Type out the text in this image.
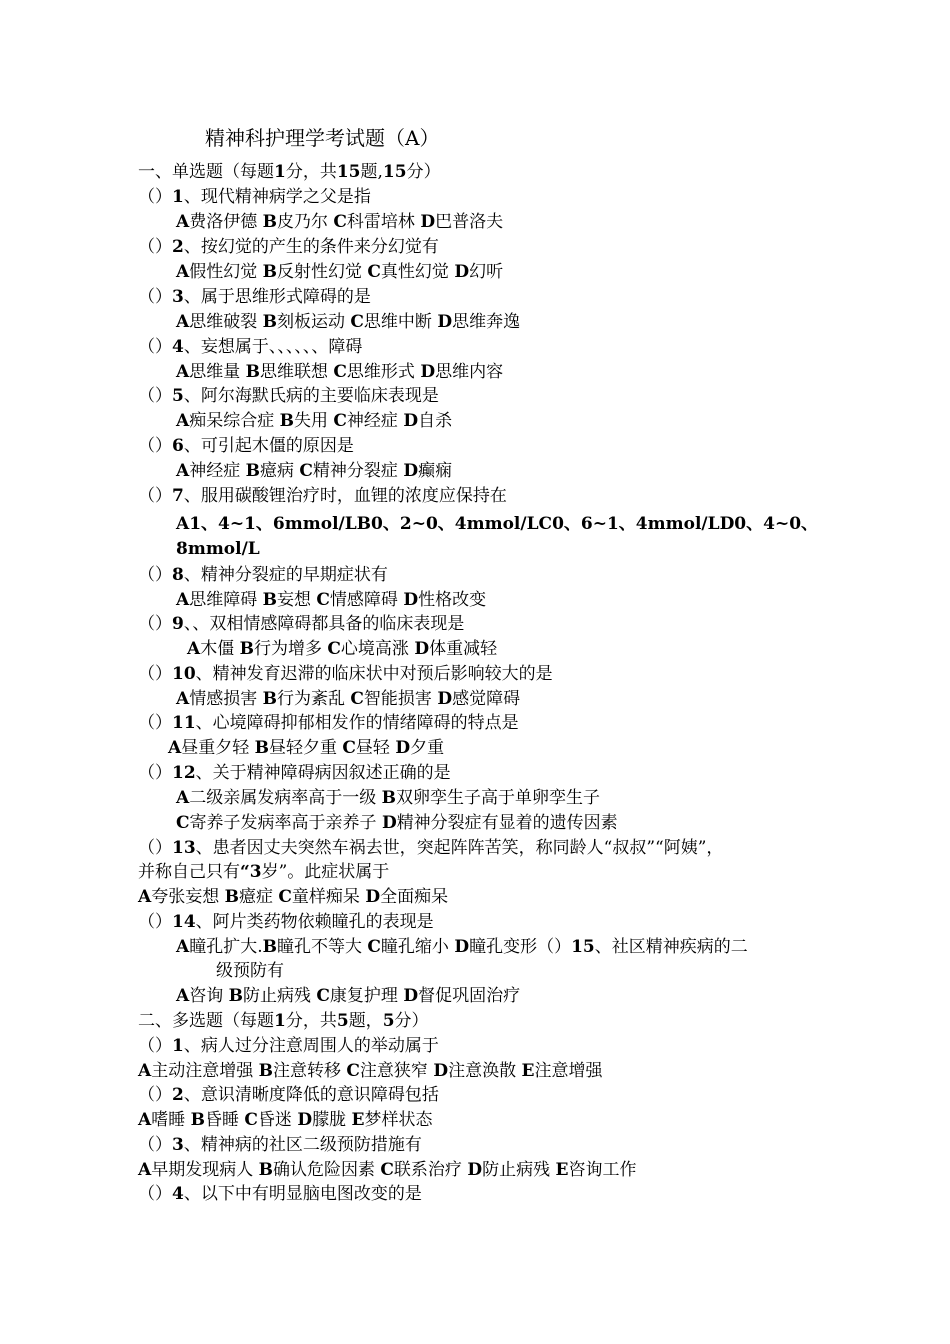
精神科护理学考试题（A）
一、单选题（每题1分，共15题,15分）
（）1、现代精神病学之父是指
A费洛伊德 B皮乃尔 C科雷培林 D巴普洛夫
（）2、按幻觉的产生的条件来分幻觉有
A假性幻觉 B反射性幻觉 C真性幻觉 D幻听
（）3、属于思维形式障碍的是
A思维破裂 B刻板运动 C思维中断 D思维奔逸
（）4、妄想属于、、、、、、障碍
A思维量 B思维联想 C思维形式 D思维内容
（）5、阿尔海默氏病的主要临床表现是
A痴呆综合症 B失用 C神经症 D自杀
（）6、可引起木僵的原因是
A神经症 B癔病 C精神分裂症 D癫痫
（）7、服用碳酸锂治疗时，血锂的浓度应保持在
A1、4~1、6mmol/LB0、2~0、4mmol/LC0、6~1、4mmol/LD0、4~0、
8mmol/L
（）8、精神分裂症的早期症状有
A思维障碍 B妄想 C情感障碍 D性格改变
（）9、、双相情感障碍都具备的临床表现是
A木僵 B行为增多 C心境高涨 D体重减轻
（）10、精神发育迟滞的临床状中对预后影响较大的是
A情感损害 B行为紊乱 C智能损害 D感觉障碍
（）11、心境障碍抑郁相发作的情绪障碍的特点是
A昼重夕轻 B昼轻夕重 C昼轻 D夕重
（）12、关于精神障碍病因叙述正确的是
A二级亲属发病率高于一级 B双卵孪生子高于单卵孪生子
C寄养子发病率高于亲养子 D精神分裂症有显着的遗传因素
（）13、患者因丈夫突然车祸去世，突起阵阵苦笑，称同龄人“叔叔”“阿姨”，
并称自己只有“3岁”。此症状属于
A夸张妄想 B癔症 C童样痴呆 D全面痴呆
（）14、阿片类药物依赖瞳孔的表现是
A瞳孔扩大.B瞳孔不等大 C瞳孔缩小 D瞳孔变形（）15、社区精神疾病的二
级预防有
A咨询 B防止病残 C康复护理 D督促巩固治疗
二、多选题（每题1分，共5题，5分）
（）1、病人过分注意周围人的举动属于
A主动注意增强 B注意转移 C注意狭窄 D注意涣散 E注意增强
（）2、意识清晰度降低的意识障碍包括
A嗜睡 B昏睡 C昏迷 D朦胧 E梦样状态
（）3、精神病的社区二级预防措施有
A早期发现病人 B确认危险因素 C联系治疗 D防止病残 E咨询工作
（）4、以下中有明显脑电图改变的是
